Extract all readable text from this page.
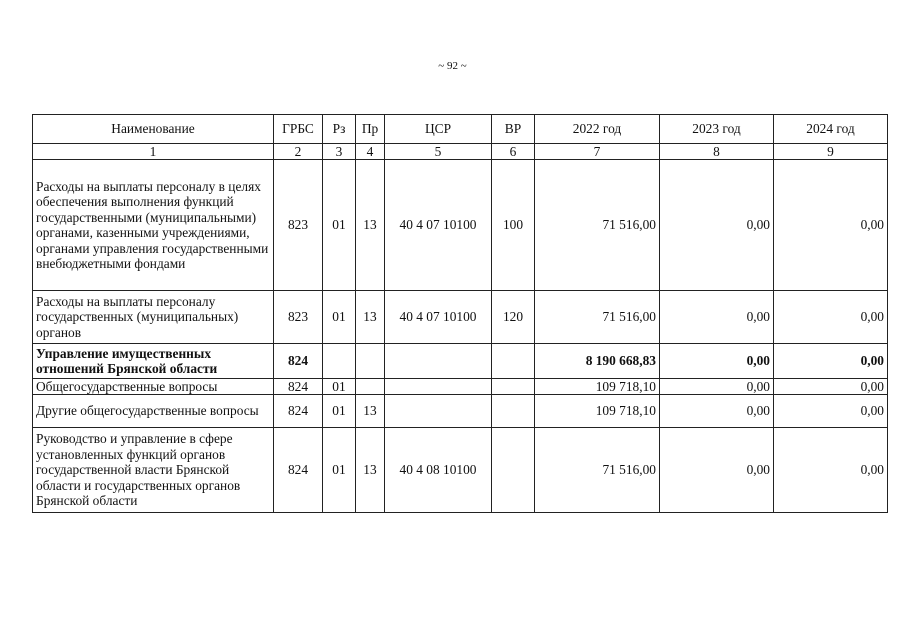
~ 92 ~
Наименование	ГРБС	Рз	Пр	ЦСР	ВР	2022 год	2023 год	2024 год
1	2	3	4	5	6	7	8	9
Расходы на выплаты персоналу в целях обеспечения выполнения функций государственными (муниципальными) органами, казенными учреждениями, органами управления государственными внебюджетными фондами	823	01	13	40 4 07 10100	100	71 516,00	0,00	0,00
Расходы на выплаты персоналу государственных (муниципальных) органов	823	01	13	40 4 07 10100	120	71 516,00	0,00	0,00
Управление имущественных отношений Брянской области	824					8 190 668,83	0,00	0,00
Общегосударственные вопросы	824	01				109 718,10	0,00	0,00
Другие общегосударственные вопросы	824	01	13			109 718,10	0,00	0,00
Руководство и управление в сфере установленных функций органов государственной власти Брянской области и государственных органов Брянской области	824	01	13	40 4 08 10100		71 516,00	0,00	0,00
